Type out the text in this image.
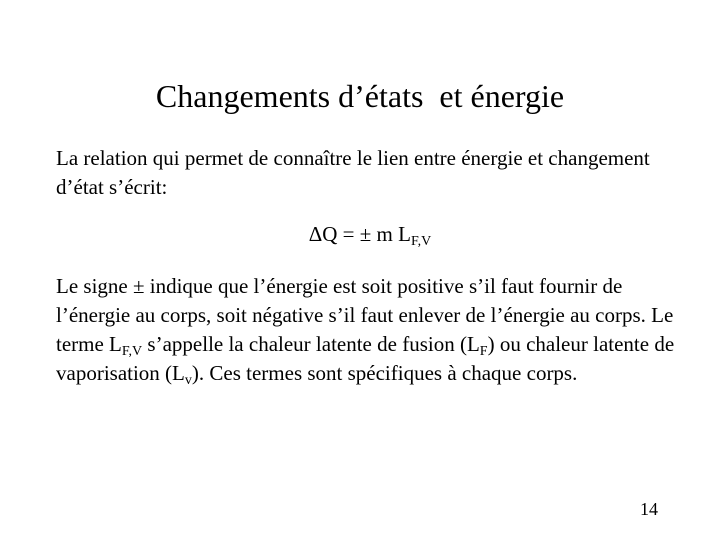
Changements d’états  et énergie

La relation qui permet de connaître le lien entre énergie et changement d’état s’écrit:

ΔQ = ± m $L_{F,V}$

Le signe ± indique que l’énergie est soit positive s’il faut fournir de l’énergie au corps, soit négative s’il faut enlever de l’énergie au corps. Le terme $L_{F,V}$ s’appelle la chaleur latente de fusion $(L_F)$ ou chaleur latente de vaporisation $(L_v)$. Ces termes sont spécifiques à chaque corps.

14
